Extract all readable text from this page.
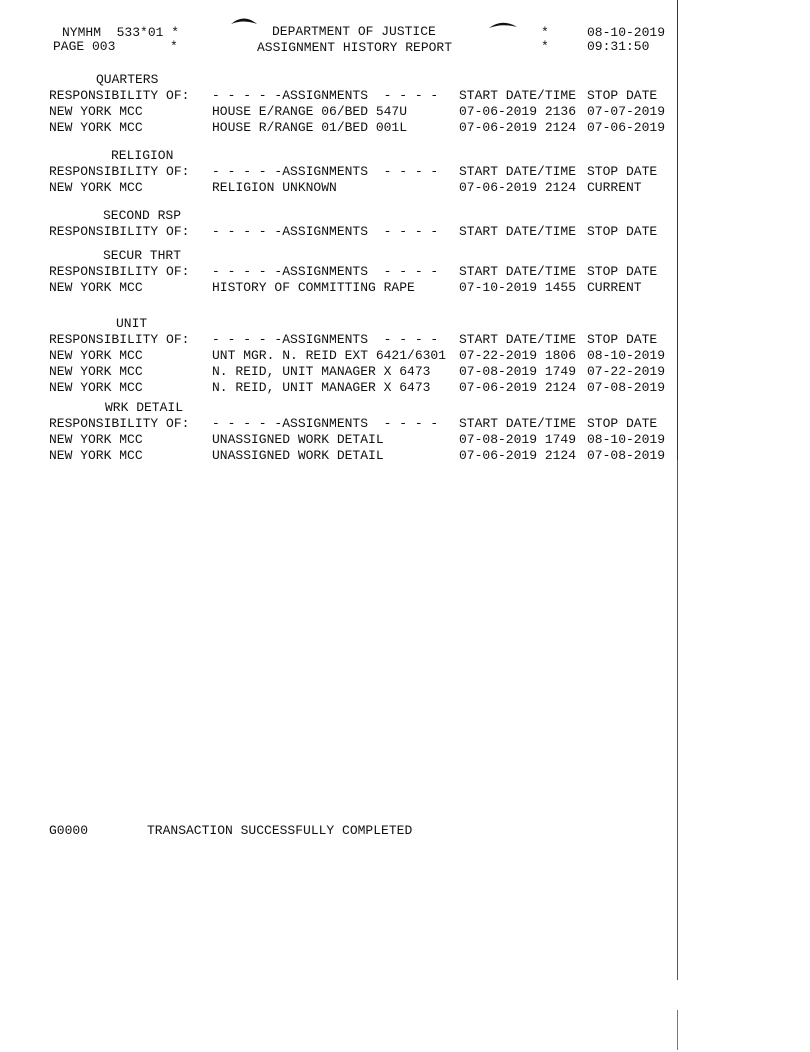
NYMHM  533*01 *
PAGE 003       *
DEPARTMENT OF JUSTICE
ASSIGNMENT HISTORY REPORT
*
*
08-10-2019
09:31:50
QUARTERS
RESPONSIBILITY OF: - - - - -ASSIGNMENTS  - - - - START DATE/TIME STOP DATE
NEW YORK MCC	HOUSE E/RANGE 06/BED 547U	07-06-2019 2136 07-07-2019
NEW YORK MCC	HOUSE R/RANGE 01/BED 001L	07-06-2019 2124 07-06-2019
RELIGION
RESPONSIBILITY OF: - - - - -ASSIGNMENTS  - - - - START DATE/TIME STOP DATE
NEW YORK MCC	RELIGION UNKNOWN	07-06-2019 2124 CURRENT
SECOND RSP
RESPONSIBILITY OF: - - - - -ASSIGNMENTS  - - - - START DATE/TIME STOP DATE
SECUR THRT
RESPONSIBILITY OF: - - - - -ASSIGNMENTS  - - - - START DATE/TIME STOP DATE
NEW YORK MCC	HISTORY OF COMMITTING RAPE	07-10-2019 1455 CURRENT
UNIT
RESPONSIBILITY OF: - - - - -ASSIGNMENTS  - - - - START DATE/TIME STOP DATE
NEW YORK MCC	UNT MGR. N. REID EXT 6421/6301 07-22-2019 1806 08-10-2019
NEW YORK MCC	N. REID, UNIT MANAGER X 6473 07-08-2019 1749 07-22-2019
NEW YORK MCC	N. REID, UNIT MANAGER X 6473 07-06-2019 2124 07-08-2019
WRK DETAIL
RESPONSIBILITY OF: - - - - -ASSIGNMENTS  - - - - START DATE/TIME STOP DATE
NEW YORK MCC	UNASSIGNED WORK DETAIL	07-08-2019 1749 08-10-2019
NEW YORK MCC	UNASSIGNED WORK DETAIL	07-06-2019 2124 07-08-2019
G0000	TRANSACTION SUCCESSFULLY COMPLETED
